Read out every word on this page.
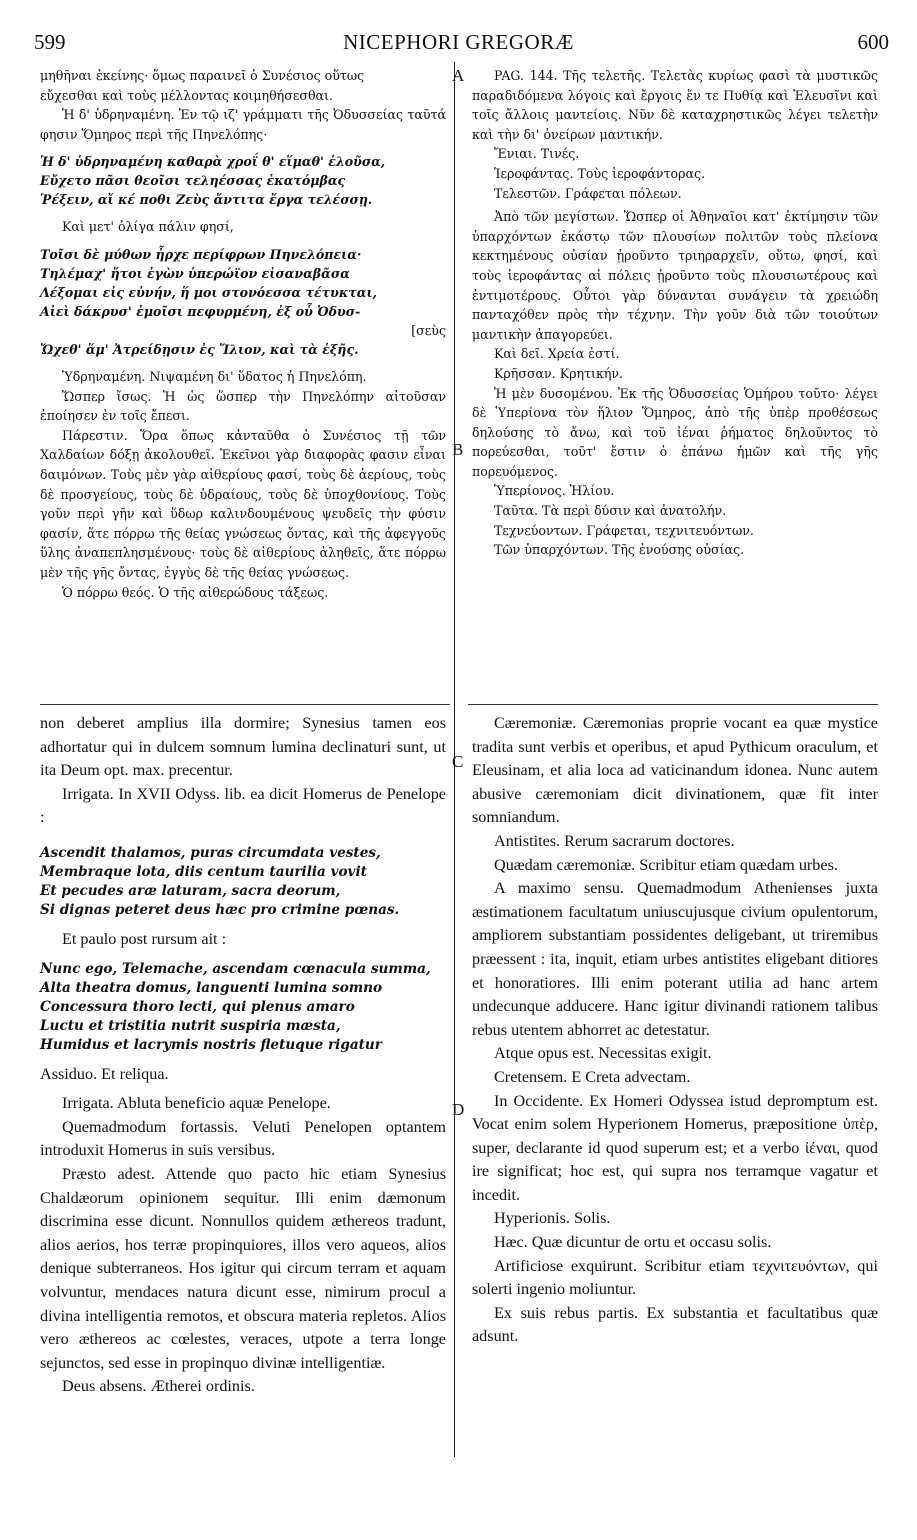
599	NICEPHORI GREGORÆ	600
A
B
C
D

μηθῆναι ἐκείνης· ὅμως παραινεῖ ὁ Συνέσιος οὕτως

εὔχεσθαι καὶ τοὺς μέλλοντας κοιμηθήσεσθαι.

Ἡ δ' ὑδρηναμένη. Ἐν τῷ ιζ' γράμματι τῆς Ὀδυσσείας ταῦτά φησιν Ὅμηρος περὶ τῆς Πηνελόπης·

Ἡ δ' ὑδρηναμένη καθαρὰ χροΐ θ' εἵμαθ' ἑλοῦσα,
Εὔχετο πᾶσι θεοῖσι τεληέσσας ἑκατόμβας
Ῥέξειν, αἴ κέ ποθι Ζεὺς ἄντιτα ἔργα τελέσσῃ.

Καὶ μετ' ὀλίγα πάλιν φησί,

Τοῖσι δὲ μύθων ἦρχε περίφρων Πηνελόπεια·
Τηλέμαχ' ἤτοι ἐγὼν ὑπερώϊον εἰσαναβᾶσα
Λέξομαι εἰς εὐνήν, ἥ μοι στονόεσσα τέτυκται,
Αἰεὶ δάκρυσ' ἐμοῖσι πεφυρμένη, ἐξ οὗ Ὀδυσ-
[σεὺς
Ὤχεθ' ἅμ' Ἀτρείδῃσιν ἐς Ἴλιον, καὶ τὰ ἑξῆς.

Ὑδρηναμένη. Νιψαμένη δι' ὕδατος ἡ Πηνελόπη.

Ὥσπερ ἴσως. Ἡ ὡς ὥσπερ τὴν Πηνελόπην αἰτοῦσαν ἐποίησεν ἐν τοῖς ἔπεσι.

Πάρεστιν. Ὅρα ὅπως κἀνταῦθα ὁ Συνέσιος τῇ τῶν Χαλδαίων δόξῃ ἀκολουθεῖ. Ἐκεῖνοι γὰρ διαφορὰς φασιν εἶναι δαιμόνων. Τοὺς μὲν γὰρ αἰθερίους φασί, τοὺς δὲ ἀερίους, τοὺς δὲ προσγείους, τοὺς δὲ ὑδραίους, τοὺς δὲ ὑποχθονίους. Τοὺς γοῦν περὶ γῆν καὶ ὕδωρ καλινδουμένους ψευδεῖς τὴν φύσιν φασίν, ἅτε πόρρω τῆς θείας γνώσεως ὄντας, καὶ τῆς ἀφεγγοῦς ὕλης ἀναπεπλησμένους· τοὺς δὲ αἰθερίους ἀληθεῖς, ἅτε πόρρω μὲν τῆς γῆς ὄντας, ἐγγὺς δὲ τῆς θείας γνώσεως.

Ὁ πόρρω θεός. Ὁ τῆς αἰθερώδους τάξεως.

non deberet amplius illa dormire; Synesius tamen eos adhortatur qui in dulcem somnum lumina declinaturi sunt, ut ita Deum opt. max. precentur.

Irrigata. In XVII Odyss. lib. ea dicit Homerus de Penelope :

Ascendit thalamos, puras circumdata vestes,
Membraque lota, diis centum taurilia vovit
Et pecudes aræ laturam, sacra deorum,
Si dignas peteret deus hæc pro crimine pœnas.

Et paulo post rursum ait :

Nunc ego, Telemache, ascendam cœnacula summa,
Alta theatra domus, languenti lumina somno
Concessura thoro lecti, qui plenus amaro
Luctu et tristitia nutrit suspiria mæsta,
Humidus et lacrymis nostris fletuque rigatur

Assiduo. Et reliqua.

Irrigata. Abluta beneficio aquæ Penelope.

Quemadmodum fortassis. Veluti Penelopen optantem introduxit Homerus in suis versibus.

Præsto adest. Attende quo pacto hic etiam Synesius Chaldæorum opinionem sequitur. Illi enim dæmonum discrimina esse dicunt. Nonnullos quidem æthereos tradunt, alios aerios, hos terræ propinquiores, illos vero aqueos, alios denique subterraneos. Hos igitur qui circum terram et aquam volvuntur, mendaces natura dicunt esse, nimirum procul a divina intelligentia remotos, et obscura materia repletos. Alios vero æthereos ac cœlestes, veraces, utpote a terra longe sejunctos, sed esse in propinquo divinæ intelligentiæ.

Deus absens. Ætherei ordinis.

PAG. 144. Τῆς τελετῆς. Τελετὰς κυρίως φασὶ τὰ μυστικῶς παραδιδόμενα λόγοις καὶ ἔργοις ἔν τε Πυθίᾳ καὶ Ἐλευσῖνι καὶ τοῖς ἄλλοις μαντείοις. Νῦν δὲ καταχρηστικῶς λέγει τελετὴν καὶ τὴν δι' ὀνείρων μαντικήν.

Ἔνιαι. Τινές.

Ἱεροφάντας. Τοὺς ἱεροφάντορας.

Τελεστῶν. Γράφεται πόλεων.

Ἀπὸ τῶν μεγίστων. Ὥσπερ οἱ Ἀθηναῖοι κατ' ἐκτίμησιν τῶν ὑπαρχόντων ἑκάστῳ τῶν πλουσίων πολιτῶν τοὺς πλείονα κεκτημένους οὐσίαν ᾑροῦντο τριηραρχεῖν, οὕτω, φησί, καὶ τοὺς ἱεροφάντας αἱ πόλεις ᾑροῦντο τοὺς πλουσιωτέρους καὶ ἐντιμοτέρους. Οὗτοι γὰρ δύνανται συνάγειν τὰ χρειώδη πανταχόθεν πρὸς τὴν τέχνην. Τὴν γοῦν διὰ τῶν τοιούτων μαντικὴν ἀπαγορεύει.

Καὶ δεῖ. Χρεία ἐστί.

Κρῆσσαν. Κρητικήν.

Ἡ μὲν δυσομένου. Ἐκ τῆς Ὀδυσσείας Ὁμήρου τοῦτο· λέγει δὲ Ὑπερίονα τὸν ἥλιον Ὅμηρος, ἀπὸ τῆς ὑπὲρ προθέσεως δηλούσης τὸ ἄνω, καὶ τοῦ ἰέναι ῥήματος δηλοῦντος τὸ πορεύεσθαι, τοῦτ' ἔστιν ὁ ἐπάνω ἡμῶν καὶ τῆς γῆς πορευόμενος.

Ὑπερίονος. Ἡλίου.

Ταῦτα. Τὰ περὶ δύσιν καὶ ἀνατολήν.

Τεχνεύοντων. Γράφεται, τεχνιτευόντων.

Τῶν ὑπαρχόντων. Τῆς ἐνούσης οὐσίας.

Cæremoniæ. Cæremonias proprie vocant ea quæ mystice tradita sunt verbis et operibus, et apud Pythicum oraculum, et Eleusinam, et alia loca ad vaticinandum idonea. Nunc autem abusive cæremoniam dicit divinationem, quæ fit inter somniandum.

Antistites. Rerum sacrarum doctores.

Quædam cæremoniæ. Scribitur etiam quædam urbes.

A maximo sensu. Quemadmodum Athenienses juxta æstimationem facultatum uniuscujusque civium opulentorum, ampliorem substantiam possidentes deligebant, ut triremibus præessent : ita, inquit, etiam urbes antistites eligebant ditiores et honoratiores. Illi enim poterant utilia ad hanc artem undecunque adducere. Hanc igitur divinandi rationem talibus rebus utentem abhorret ac detestatur.

Atque opus est. Necessitas exigit.

Cretensem. E Creta advectam.

In Occidente. Ex Homeri Odyssea istud depromptum est. Vocat enim solem Hyperionem Homerus, præpositione ὑπὲρ, super, declarante id quod superum est; et a verbo ἰέναι, quod ire significat; hoc est, qui supra nos terramque vagatur et incedit.

Hyperionis. Solis.

Hæc. Quæ dicuntur de ortu et occasu solis.

Artificiose exquirunt. Scribitur etiam τεχνιτευόντων, qui solerti ingenio moliuntur.

Ex suis rebus partis. Ex substantia et facultatibus quæ adsunt.
